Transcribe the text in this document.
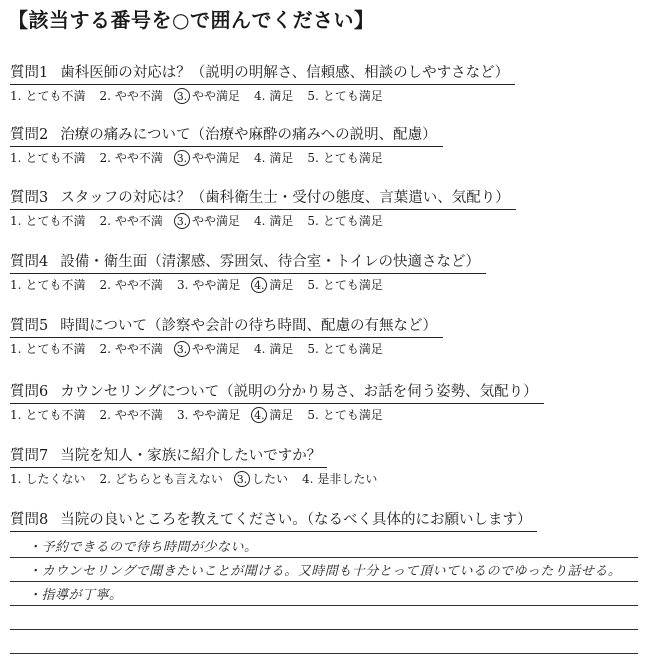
【該当する番号を○で囲んでください】
質問1 歯科医師の対応は？（説明の明解さ、信頼感、相談のしやすさなど）
1. とても不満 2. やや不満 3. やや満足 4. 満足 5. とても満足
質問2 治療の痛みについて（治療や麻酔の痛みへの説明、配慮）
1. とても不満 2. やや不満 3. やや満足 4. 満足 5. とても満足
質問3 スタッフの対応は？（歯科衛生士・受付の態度、言葉遣い、気配り）
1. とても不満 2. やや不満 3. やや満足 4. 満足 5. とても満足
質問4 設備・衛生面（清潔感、雰囲気、待合室・トイレの快適さなど）
1. とても不満 2. やや不満 3. やや満足 4. 満足 5. とても満足
質問5 時間について（診察や会計の待ち時間、配慮の有無など）
1. とても不満 2. やや不満 3. やや満足 4. 満足 5. とても満足
質問6 カウンセリングについて（説明の分かり易さ、お話を伺う姿勢、気配り）
1. とても不満 2. やや不満 3. やや満足 4. 満足 5. とても満足
質問7 当院を知人・家族に紹介したいですか？
1. したくない 2. どちらとも言えない 3. したい 4. 是非したい
質問8 当院の良いところを教えてください。（なるべく具体的にお願いします）
・予約できるので待ち時間が少ない。
・カウンセリングで聞きたいことが聞ける。又時間も十分とって頂いているのでゆったり話せる。
・指導が丁寧。
